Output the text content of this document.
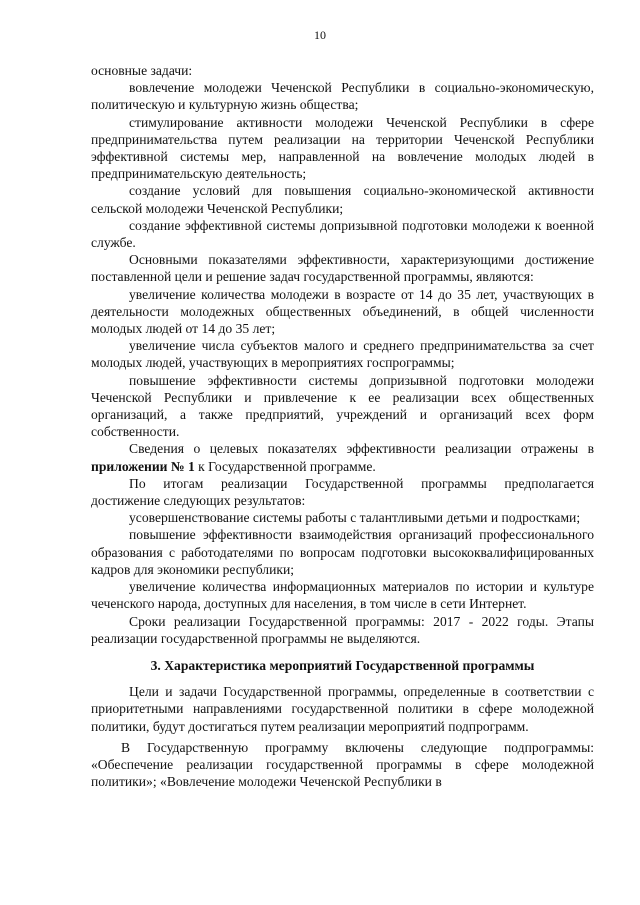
10

основные задачи:

вовлечение молодежи Чеченской Республики в социально-экономическую, политическую и культурную жизнь общества;

стимулирование активности молодежи Чеченской Республики в сфере предпринимательства путем реализации на территории Чеченской Республики эффективной системы мер, направленной на вовлечение молодых людей в предпринимательскую деятельность;

создание условий для повышения социально-экономической активности сельской молодежи Чеченской Республики;

создание эффективной системы допризывной подготовки молодежи к военной службе.

Основными показателями эффективности, характеризующими достижение поставленной цели и решение задач государственной программы, являются:

увеличение количества молодежи в возрасте от 14 до 35 лет, участвующих в деятельности молодежных общественных объединений, в общей численности молодых людей от 14 до 35 лет;

увеличение числа субъектов малого и среднего предпринимательства за счет молодых людей, участвующих в мероприятиях госпрограммы;

повышение эффективности системы допризывной подготовки молодежи Чеченской Республики и привлечение к ее реализации всех общественных организаций, а также предприятий, учреждений и организаций всех форм собственности.

Сведения о целевых показателях эффективности реализации отражены в приложении № 1 к Государственной программе.

По итогам реализации Государственной программы предполагается достижение следующих результатов:

усовершенствование системы работы с талантливыми детьми и подростками;

повышение эффективности взаимодействия организаций профессионального образования с работодателями по вопросам подготовки высококвалифицированных кадров для экономики республики;

увеличение количества информационных материалов по истории и культуре чеченского народа, доступных для населения, в том числе в сети Интернет.

Сроки реализации Государственной программы: 2017 - 2022 годы. Этапы реализации государственной программы не выделяются.

3. Характеристика мероприятий Государственной программы

Цели и задачи Государственной программы, определенные в соответствии с приоритетными направлениями государственной политики в сфере молодежной политики, будут достигаться путем реализации мероприятий подпрограмм.

В Государственную программу включены следующие подпрограммы: «Обеспечение реализации государственной программы в сфере молодежной политики»; «Вовлечение молодежи Чеченской Республики в
